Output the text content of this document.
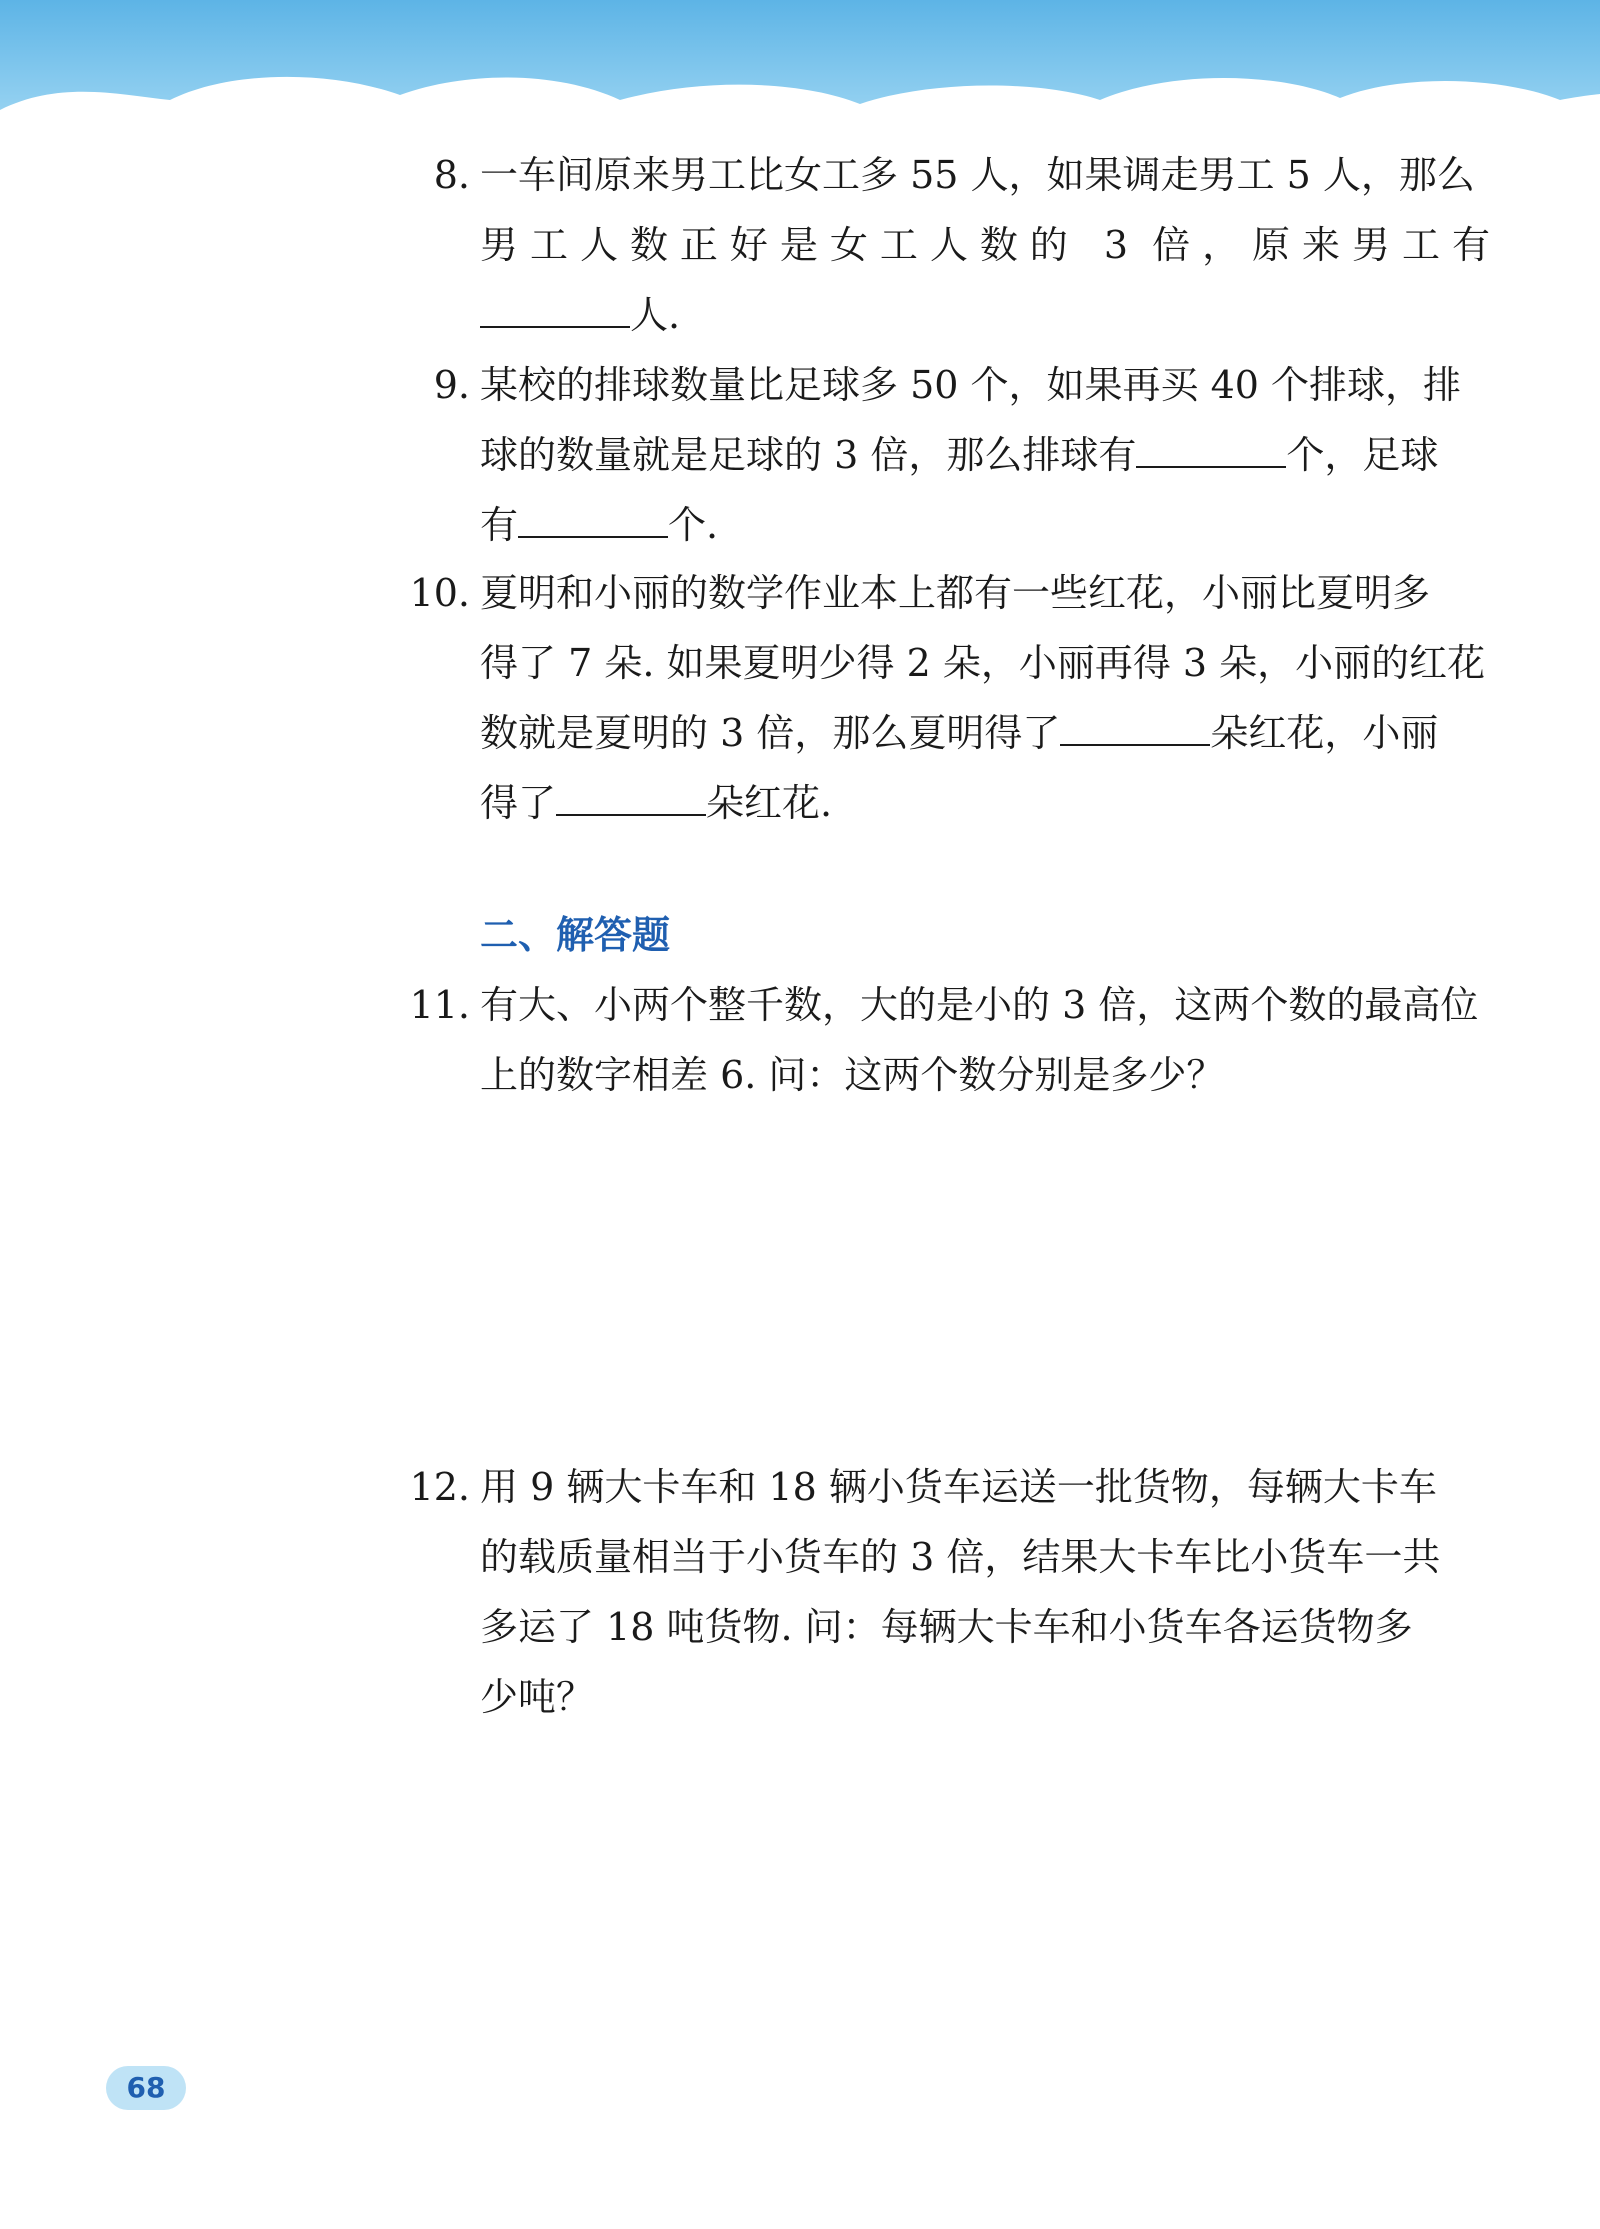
8. 一车间原来男工比女工多 55 人，如果调走男工 5 人，那么
男工人数正好是女工人数的 3 倍，原来男工有
人.
9. 某校的排球数量比足球多 50 个，如果再买 40 个排球，排
球的数量就是足球的 3 倍，那么排球有	个，足球
有	个.
10. 夏明和小丽的数学作业本上都有一些红花，小丽比夏明多
得了 7 朵. 如果夏明少得 2 朵，小丽再得 3 朵，小丽的红花
数就是夏明的 3 倍，那么夏明得了	朵红花，小丽
得了	朵红花.
二、解答题
11. 有大、小两个整千数，大的是小的 3 倍，这两个数的最高位
上的数字相差 6. 问：这两个数分别是多少？
12. 用 9 辆大卡车和 18 辆小货车运送一批货物，每辆大卡车
的载质量相当于小货车的 3 倍，结果大卡车比小货车一共
多运了 18 吨货物. 问：每辆大卡车和小货车各运货物多
少吨？
68
